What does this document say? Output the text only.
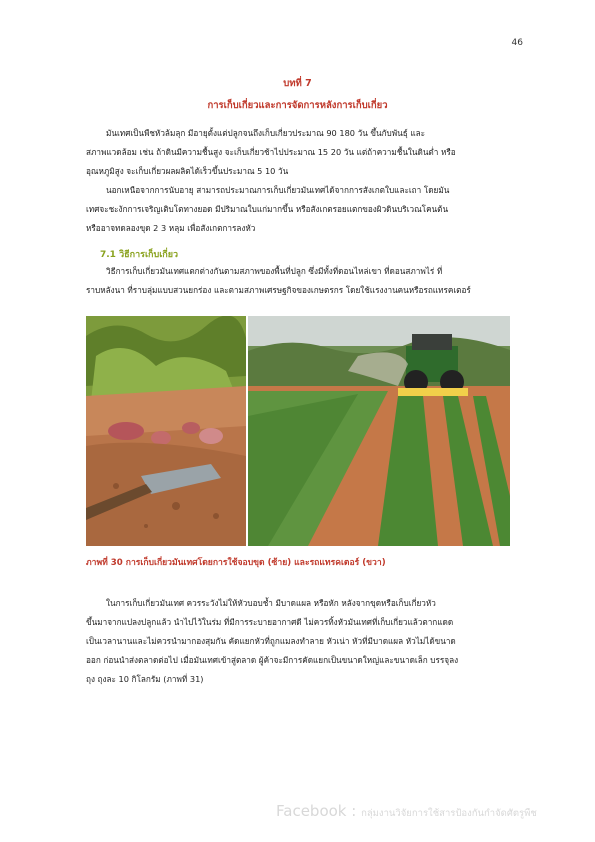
46
บทที่ 7
การเก็บเกี่ยวและการจัดการหลังการเก็บเกี่ยว

มันเทศเป็นพืชหัวล้มลุก มีอายุตั้งแต่ปลูกจนถึงเก็บเกี่ยวประมาณ 90 180 วัน ขึ้นกับพันธุ์ และ

สภาพแวดล้อม เช่น ถ้าดินมีความชื้นสูง จะเก็บเกี่ยวช้าไปประมาณ 15 20 วัน แต่ถ้าความชื้นในดินต่ำ หรือ

อุณหภูมิสูง จะเก็บเกี่ยวผลผลิตได้เร็วขึ้นประมาณ 5 10 วัน

นอกเหนือจากการนับอายุ สามารถประมาณการเก็บเกี่ยวมันเทศได้จากการสังเกตใบและเถา โดยมัน

เทศจะชะงักการเจริญเติบโตทางยอด มีปริมาณใบแก่มากขึ้น หรือสังเกตรอยแตกของผิวดินบริเวณโคนต้น

หรืออาจทดลองขุด 2 3 หลุม เพื่อสังเกตการลงหัว

7.1 วิธีการเก็บเกี่ยว

วิธีการเก็บเกี่ยวมันเทศแตกต่างกันตามสภาพของพื้นที่ปลูก ซึ่งมีทั้งที่ดอนไหล่เขา ที่ดอนสภาพไร่ ที่

ราบหลังนา ที่ราบลุ่มแบบสวนยกร่อง และตามสภาพเศรษฐกิจของเกษตรกร โดยใช้แรงงานคนหรือรถแทรคเตอร์

ภาพที่ 30 การเก็บเกี่ยวมันเทศโดยการใช้จอบขุด (ซ้าย) และรถแทรคเตอร์ (ขวา)

ในการเก็บเกี่ยวมันเทศ ควรระวังไม่ให้หัวบอบช้ำ มีบาดแผล หรือหัก หลังจากขุดหรือเก็บเกี่ยวหัว

ขึ้นมาจากแปลงปลูกแล้ว นำไปไว้ในร่ม ที่มีการระบายอากาศดี ไม่ควรทิ้งหัวมันเทศที่เก็บเกี่ยวแล้วตากแดด

เป็นเวลานานและไม่ควรนำมากองสุมกัน คัดแยกหัวที่ถูกแมลงทำลาย หัวเน่า หัวที่มีบาดแผล หัวไม่ได้ขนาด

ออก ก่อนนำส่งตลาดต่อไป เมื่อมันเทศเข้าสู่ตลาด ผู้ค้าจะมีการคัดแยกเป็นขนาดใหญ่และขนาดเล็ก บรรจุลง

ถุง ถุงละ 10 กิโลกรัม (ภาพที่ 31)

Facebook : กลุ่มงานวิจัยการใช้สารป้องกันกำจัดศัตรูพืช
